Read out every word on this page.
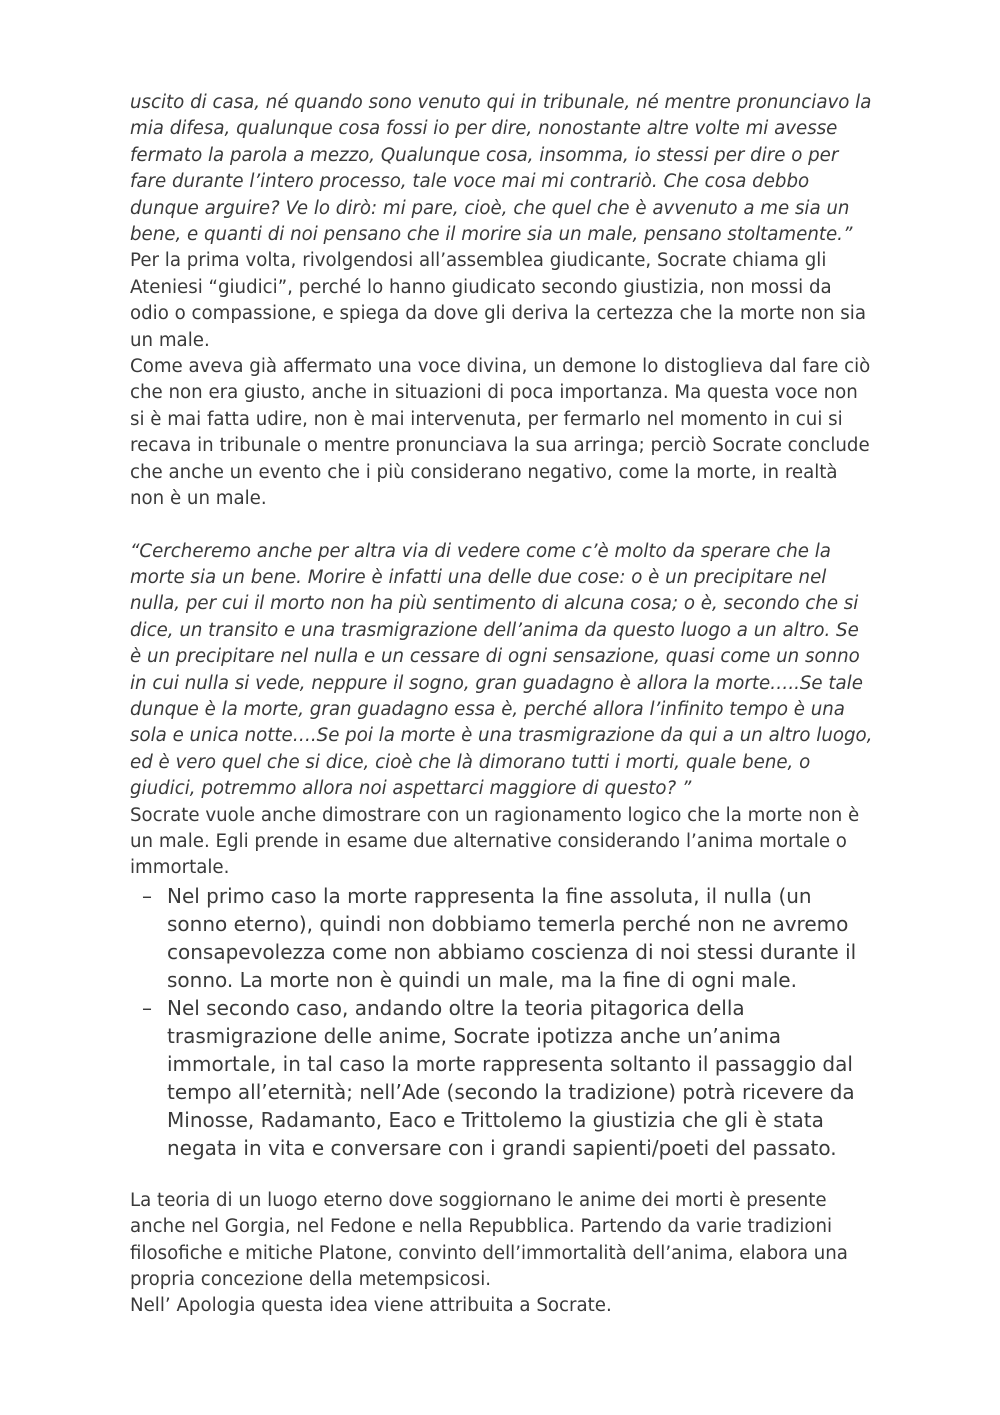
uscito di casa, né quando sono venuto qui in tribunale, né mentre pronunciavo la mia difesa, qualunque cosa fossi io per dire, nonostante altre volte mi avesse fermato la parola a mezzo, Qualunque cosa, insomma, io stessi per dire o per fare durante l’intero processo, tale voce mai mi contrariò. Che cosa debbo dunque arguire? Ve lo dirò: mi pare, cioè, che quel che è avvenuto a me sia un bene, e quanti di noi pensano che il morire sia un male, pensano stoltamente.”

Per la prima volta, rivolgendosi all’assemblea giudicante, Socrate chiama gli Ateniesi “giudici”, perché lo hanno giudicato secondo giustizia, non mossi da odio o compassione, e spiega da dove gli deriva la certezza che la morte non sia un male.

Come aveva già affermato una voce divina, un demone lo distoglieva dal fare ciò che non era giusto, anche in situazioni di poca importanza. Ma questa voce non si è mai fatta udire, non è mai intervenuta, per fermarlo nel momento in cui si recava in tribunale o mentre pronunciava la sua arringa; perciò Socrate conclude che anche un evento che i più considerano negativo, come la morte, in realtà non è un male.

“Cercheremo anche per altra via di vedere come c’è molto da sperare che la morte sia un bene. Morire è infatti una delle due cose: o è un precipitare nel nulla, per cui il morto non ha più sentimento di alcuna cosa; o è, secondo che si dice, un transito e una trasmigrazione dell’anima da questo luogo a un altro. Se è un precipitare nel nulla e un cessare di ogni sensazione, quasi come un sonno in cui nulla si vede, neppure il sogno, gran guadagno è allora la morte…..Se tale dunque è la morte, gran guadagno essa è, perché allora l’infinito tempo è una sola e unica notte….Se poi la morte è una trasmigrazione da qui a un altro luogo, ed è vero quel che si dice, cioè che là dimorano tutti i morti, quale bene, o giudici, potremmo allora noi aspettarci maggiore di questo? ”

Socrate vuole anche dimostrare con un ragionamento logico che la morte non è un male. Egli prende in esame due alternative considerando l’anima mortale o immortale.

– Nel primo caso la morte rappresenta la fine assoluta, il nulla (un sonno eterno), quindi non dobbiamo temerla perché non ne avremo consapevolezza come non abbiamo coscienza di noi stessi durante il sonno. La morte non è quindi un male, ma la fine di ogni male.
– Nel secondo caso, andando oltre la teoria pitagorica della trasmigrazione delle anime, Socrate ipotizza anche un’anima immortale, in tal caso la morte rappresenta soltanto il passaggio dal tempo all’eternità; nell’Ade (secondo la tradizione) potrà ricevere da Minosse, Radamanto, Eaco e Trittolemo la giustizia che gli è stata negata in vita e conversare con i grandi sapienti/poeti del passato.

La teoria di un luogo eterno dove soggiornano le anime dei morti è presente anche nel Gorgia, nel Fedone e nella Repubblica. Partendo da varie tradizioni filosofiche e mitiche Platone, convinto dell’immortalità dell’anima, elabora una propria concezione della metempsicosi.

Nell’ Apologia questa idea viene attribuita a Socrate.
